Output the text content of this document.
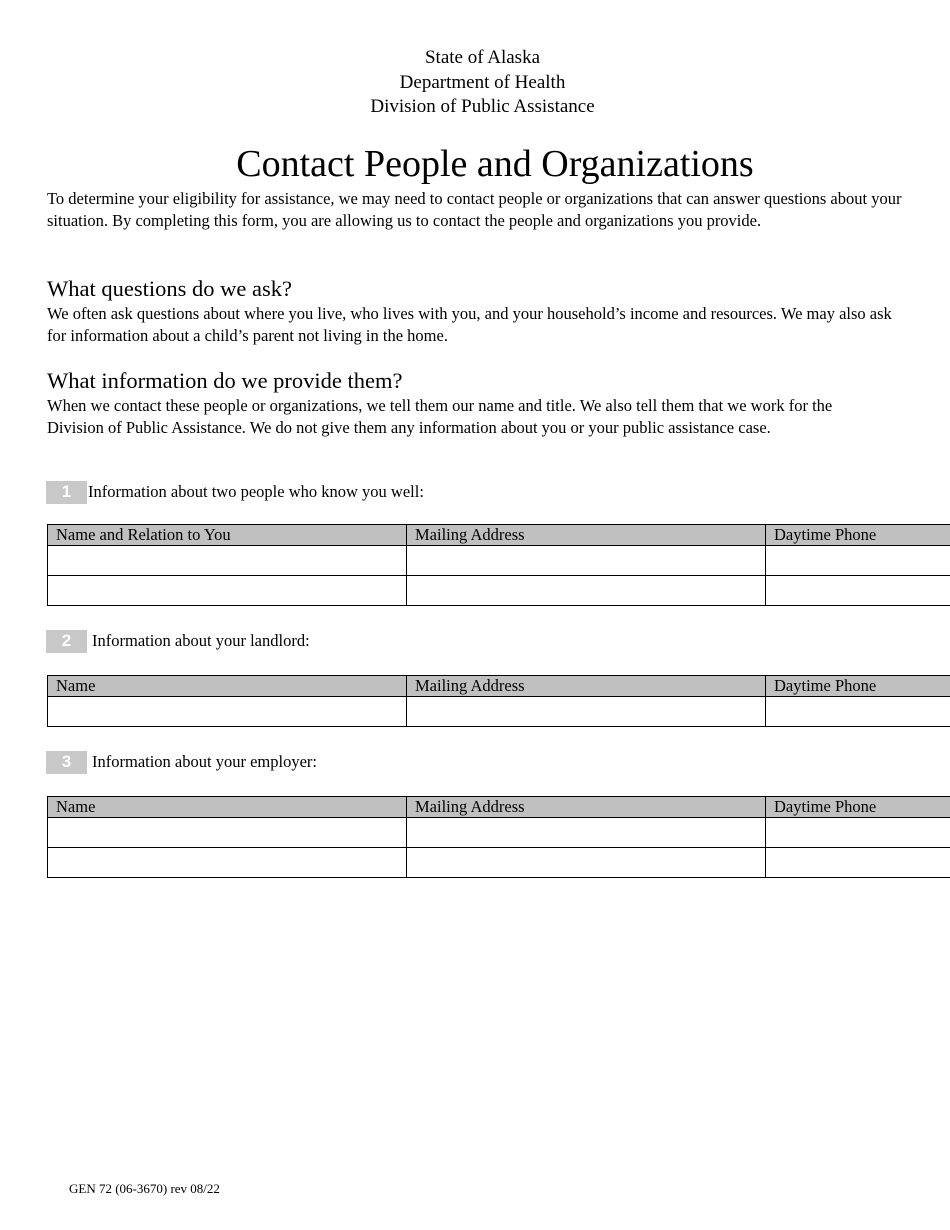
State of Alaska
Department of Health
Division of Public Assistance
Contact People and Organizations

To determine your eligibility for assistance, we may need to contact people or organizations that can answer questions about your situation. By completing this form, you are allowing us to contact the people and organizations you provide.

What questions do we ask?

We often ask questions about where you live, who lives with you, and your household’s income and resources. We may also ask for information about a child’s parent not living in the home.

What information do we provide them?

When we contact these people or organizations, we tell them our name and title. We also tell them that we work for the Division of Public Assistance. We do not give them any information about you or your public assistance case.

1	Information about two people who know you well:
Name and Relation to You	Mailing Address	Daytime Phone

2	Information about your landlord:
Name	Mailing Address	Daytime Phone

3	Information about your employer:
Name	Mailing Address	Daytime Phone

GEN 72 (06-3670) rev 08/22
